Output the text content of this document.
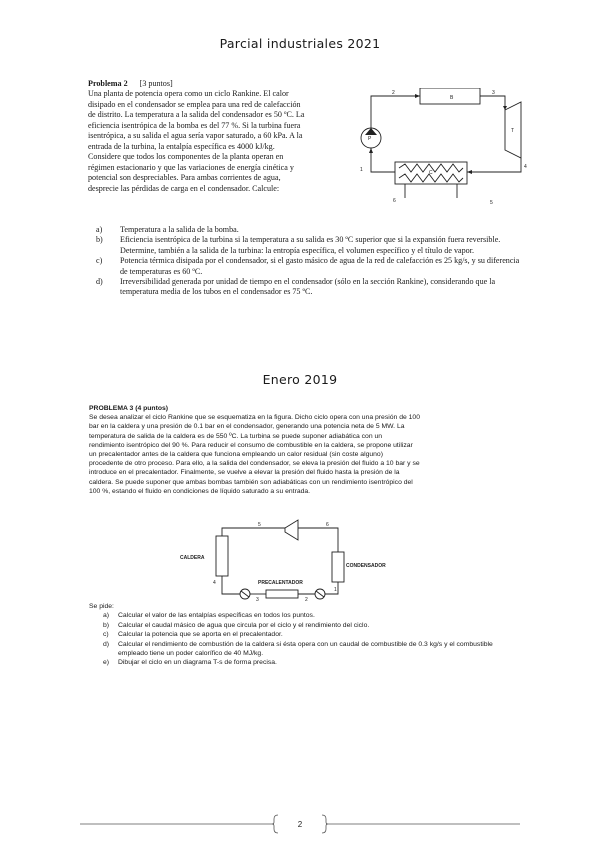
Parcial industriales 2021
Problema 2 [3 puntos]
Una planta de potencia opera como un ciclo Rankine. El calor
disipado en el condensador se emplea para una red de calefacción
de distrito. La temperatura a la salida del condensador es 50 ºC. La
eficiencia isentrópica de la bomba es del 77 %. Si la turbina fuera
isentrópica, a su salida el agua sería vapor saturado, a 60 kPa. A la
entrada de la turbina, la entalpía específica es 4000 kJ/kg.
Considere que todos los componentes de la planta operan en
régimen estacionario y que las variaciones de energía cinética y
potencial son despreciables. Para ambas corrientes de agua,
desprecie las pérdidas de carga en el condensador. Calcule:
2
B
3
T
4
C
P
1
6	5
a) Temperatura a la salida de la bomba.
b) Eficiencia isentrópica de la turbina si la temperatura a su salida es 30 ºC superior que si la expansión fuera reversible. Determine, también a la salida de la turbina: la entropía específica, el volumen específico y el título de vapor.
c) Potencia térmica disipada por el condensador, si el gasto másico de agua de la red de calefacción es 25 kg/s, y su diferencia de temperaturas es 60 ºC.
d) Irreversibilidad generada por unidad de tiempo en el condensador (sólo en la sección Rankine), considerando que la temperatura media de los tubos en el condensador es 75 ºC.
Enero 2019
PROBLEMA 3 (4 puntos)
Se desea analizar el ciclo Rankine que se esquematiza en la figura. Dicho ciclo opera con una presión de 100
bar en la caldera y una presión de 0.1 bar en el condensador, generando una potencia neta de 5 MW. La
temperatura de salida de la caldera es de 550 ºC. La turbina se puede suponer adiabática con un
rendimiento isentrópico del 90 %. Para reducir el consumo de combustible en la caldera, se propone utilizar
un precalentador antes de la caldera que funciona empleando un calor residual (sin coste alguno)
procedente de otro proceso. Para ello, a la salida del condensador, se eleva la presión del fluido a 10 bar y se
introduce en el precalentador. Finalmente, se vuelve a elevar la presión del fluido hasta la presión de la
caldera. Se puede suponer que ambas bombas también son adiabáticas con un rendimiento isentrópico del
100 %, estando el fluido en condiciones de líquido saturado a su entrada.
CALDERA
CONDENSADOR
PRECALENTADOR
5	6
1
2
3
4
Se pide:
a) Calcular el valor de las entalpías específicas en todos los puntos.
b) Calcular el caudal másico de agua que circula por el ciclo y el rendimiento del ciclo.
c) Calcular la potencia que se aporta en el precalentador.
d) Calcular el rendimiento de combustión de la caldera si ésta opera con un caudal de combustible de 0.3 kg/s y el combustible empleado tiene un poder calorífico de 40 MJ/kg.
e) Dibujar el ciclo en un diagrama T-s de forma precisa.
2
